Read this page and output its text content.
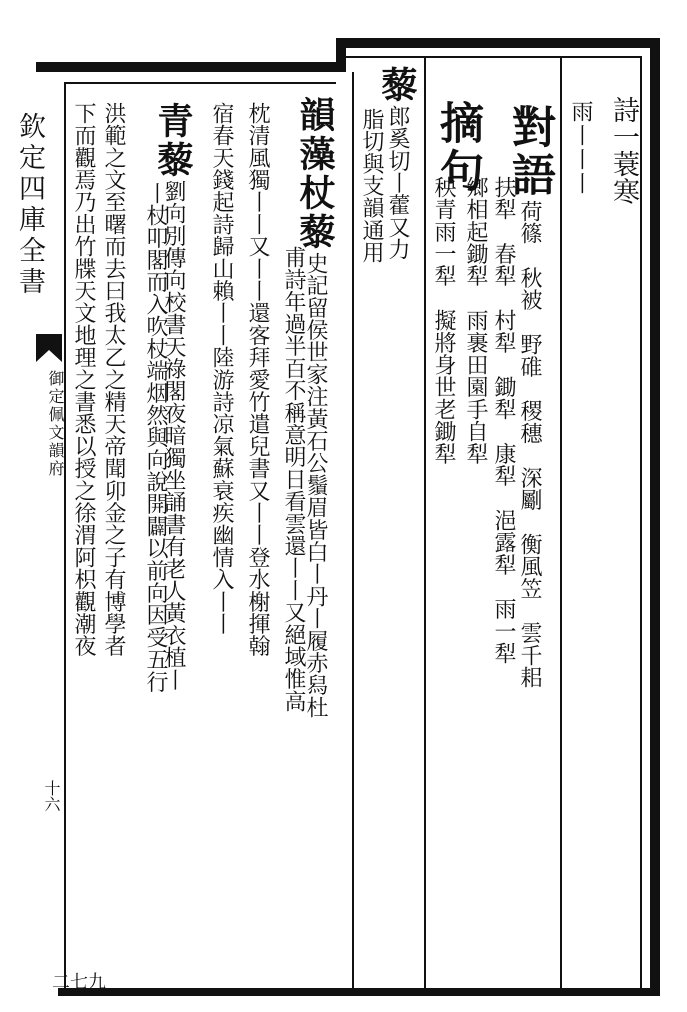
欽定四庫全書
御定佩文韻府
十六
二七九
詩一蓑寒
雨丨丨丨
對語荷篠　秋被　野碓　稷穗　深劚　衡風笠　雲千耜
扶犁　春犁　村犁　鋤犁　康犁　浥露犁　雨一犁
鄉相起鋤犁　雨裹田園手自犁
摘句
秧青雨一犁　擬將身世老鋤犁
藜郎奚切丨藿又力
脂切與支韻通用
韻藻杖藜史記留侯世家注黃石公鬚眉皆白丨丹丨履赤舄杜
甫詩年過半百不稱意明日看雲還丨丨又絕域惟高
枕清風獨丨丨又丨丨還客拜愛竹遣兒書又丨丨登水榭揮翰
宿春天錢起詩歸山賴丨丨陸游詩凉氣蘇衰疾幽情入丨丨
青藜劉向別傳向校書天祿閣夜暗獨坐誦書有老人黃衣植丨
丨杖叩閣而入吹杖端烟然與向說開闢以前向因受五行
洪範之文至曙而去曰我太乙之精天帝聞卯金之子有博學者
下而觀焉乃出竹牒天文地理之書悉以授之徐渭阿枳觀潮夜
